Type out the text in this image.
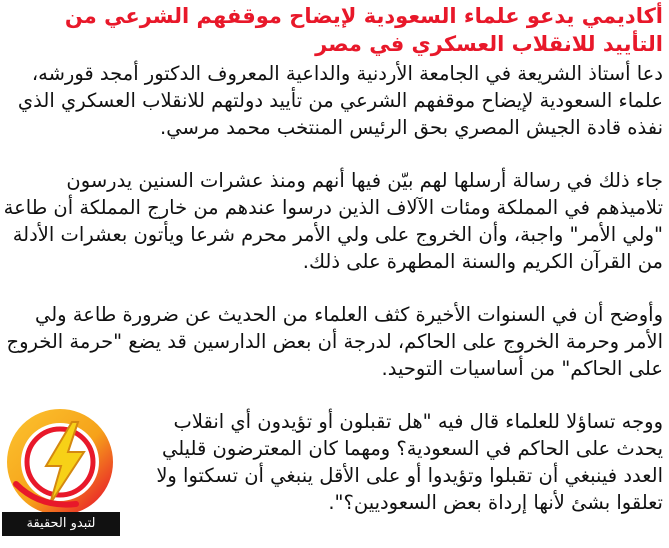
أكاديمي يدعو علماء السعودية لإيضاح موقفهم الشرعي من التأييد للانقلاب العسكري في مصر

دعا أستاذ الشريعة في الجامعة الأردنية والداعية المعروف الدكتور أمجد قورشه، علماء السعودية لإيضاح موقفهم الشرعي من تأييد دولتهم للانقلاب العسكري الذي نفذه قادة الجيش المصري بحق الرئيس المنتخب محمد مرسي.

جاء ذلك في رسالة أرسلها لهم بيّن فيها أنهم ومنذ عشرات السنين يدرسون تلاميذهم في المملكة ومئات الآلاف الذين درسوا عندهم من خارج المملكة أن طاعة "ولي الأمر" واجبة، وأن الخروج على ولي الأمر محرم شرعا ويأتون بعشرات الأدلة من القرآن الكريم والسنة المطهرة على ذلك.

وأوضح أن في السنوات الأخيرة كثف العلماء من الحديث عن ضرورة طاعة ولي الأمر وحرمة الخروج على الحاكم، لدرجة أن بعض الدارسين قد يضع "حرمة الخروج على الحاكم" من أساسيات التوحيد.

ووجه تساؤلا للعلماء قال فيه "هل تقبلون أو تؤيدون أي انقلاب يحدث على الحاكم في السعودية؟ ومهما كان المعترضون قليلي العدد فينبغي أن تقبلوا وتؤيدوا أو على الأقل ينبغي أن تسكتوا ولا تعلقوا بشئ لأنها إرداة بعض السعوديين؟".

لتبدو الحقيقة
